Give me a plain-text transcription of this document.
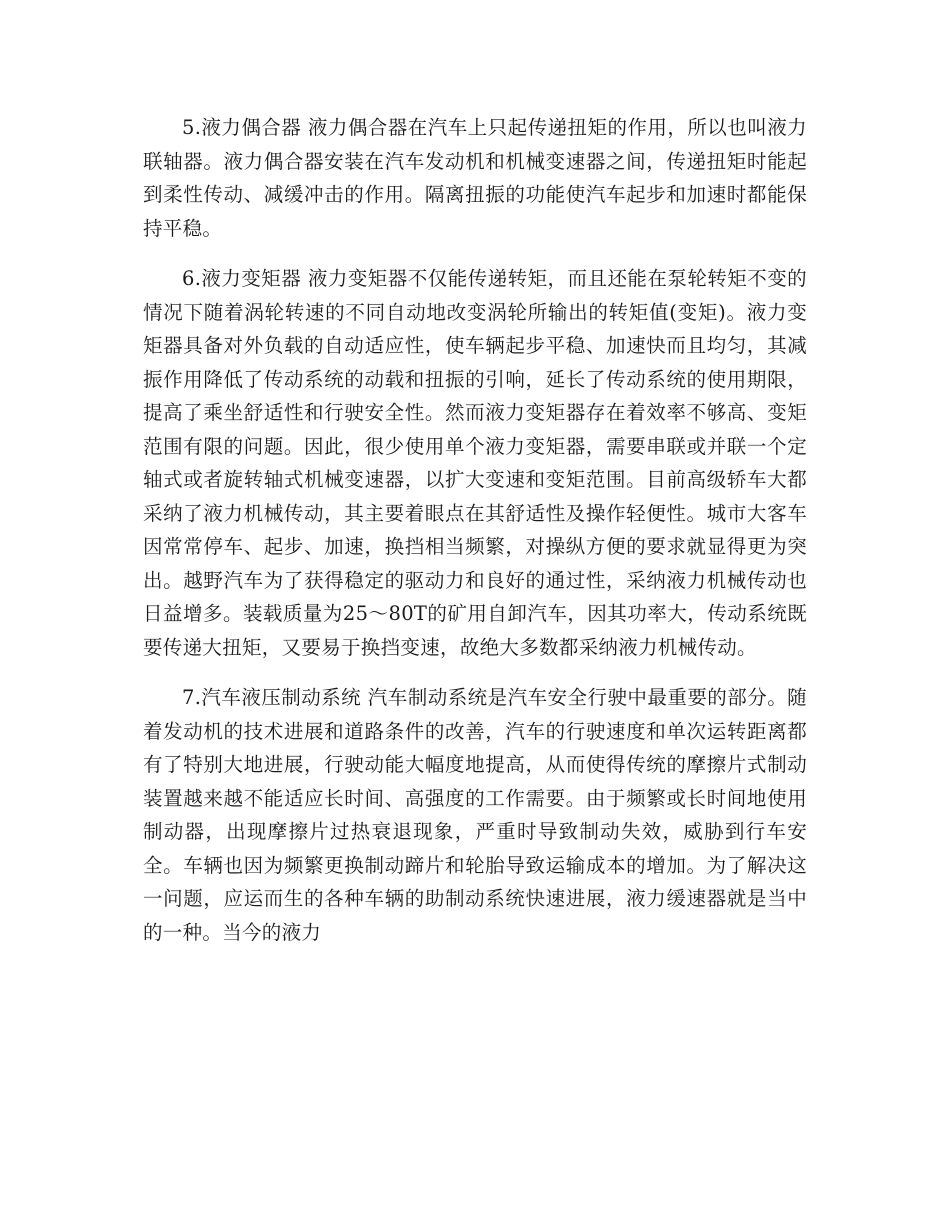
5.液力偶合器 液力偶合器在汽车上只起传递扭矩的作用，所以也叫液力联轴器。液力偶合器安装在汽车发动机和机械变速器之间，传递扭矩时能起到柔性传动、减缓冲击的作用。隔离扭振的功能使汽车起步和加速时都能保持平稳。

6.液力变矩器 液力变矩器不仅能传递转矩，而且还能在泵轮转矩不变的情况下随着涡轮转速的不同自动地改变涡轮所输出的转矩值(变矩)。液力变矩器具备对外负载的自动适应性，使车辆起步平稳、加速快而且均匀，其减振作用降低了传动系统的动载和扭振的引响，延长了传动系统的使用期限，提高了乘坐舒适性和行驶安全性。然而液力变矩器存在着效率不够高、变矩范围有限的问题。因此，很少使用单个液力变矩器，需要串联或并联一个定轴式或者旋转轴式机械变速器，以扩大变速和变矩范围。目前高级轿车大都采纳了液力机械传动，其主要着眼点在其舒适性及操作轻便性。城市大客车因常常停车、起步、加速，换挡相当频繁，对操纵方便的要求就显得更为突出。越野汽车为了获得稳定的驱动力和良好的通过性，采纳液力机械传动也日益增多。装载质量为25～80T的矿用自卸汽车，因其功率大，传动系统既要传递大扭矩，又要易于换挡变速，故绝大多数都采纳液力机械传动。

7.汽车液压制动系统 汽车制动系统是汽车安全行驶中最重要的部分。随着发动机的技术进展和道路条件的改善，汽车的行驶速度和单次运转距离都有了特别大地进展，行驶动能大幅度地提高，从而使得传统的摩擦片式制动装置越来越不能适应长时间、高强度的工作需要。由于频繁或长时间地使用制动器，出现摩擦片过热衰退现象，严重时导致制动失效，威胁到行车安全。车辆也因为频繁更换制动蹄片和轮胎导致运输成本的增加。为了解决这一问题，应运而生的各种车辆的助制动系统快速进展，液力缓速器就是当中的一种。当今的液力
